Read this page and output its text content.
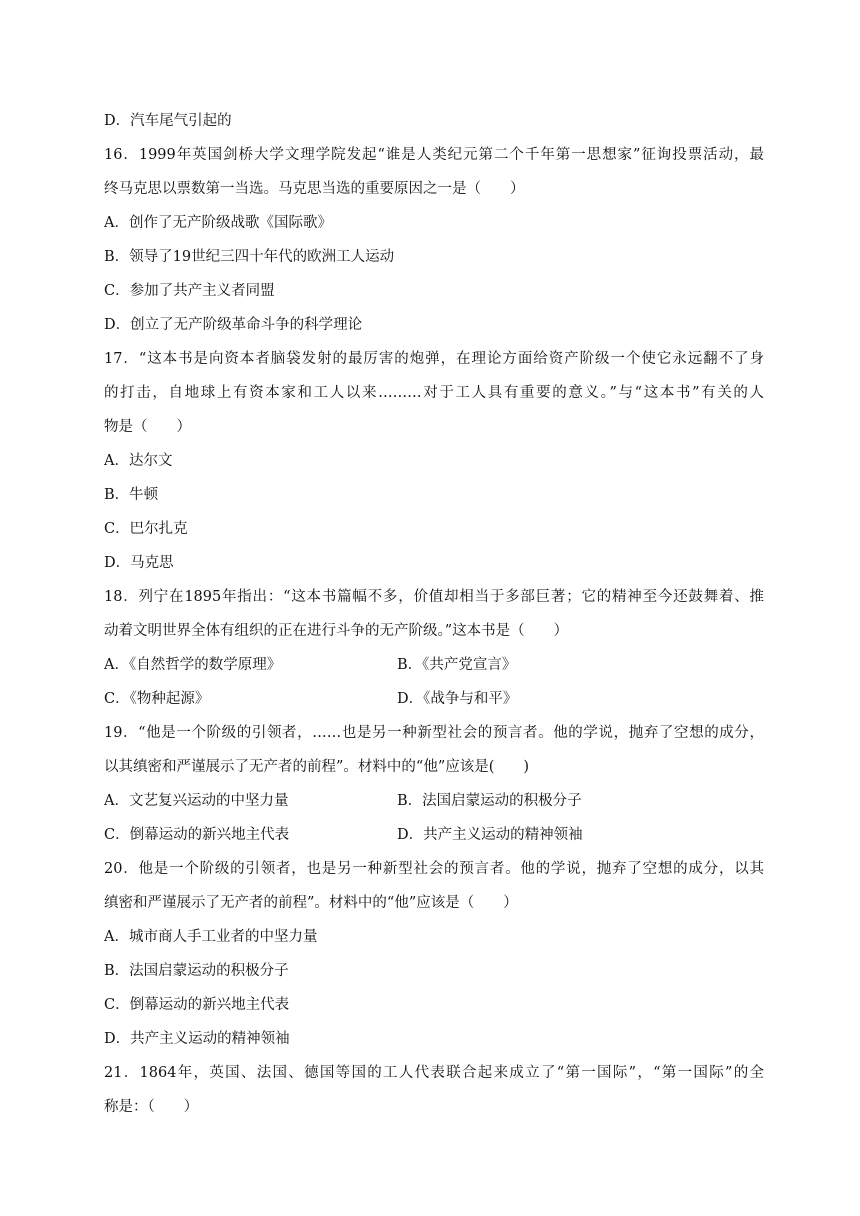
D．汽车尾气引起的
16．1999年英国剑桥大学文理学院发起“谁是人类纪元第二个千年第一思想家”征询投票活动，最
终马克思以票数第一当选。马克思当选的重要原因之一是（　　）
A．创作了无产阶级战歌《国际歌》
B．领导了19世纪三四十年代的欧洲工人运动
C．参加了共产主义者同盟
D．创立了无产阶级革命斗争的科学理论
17．“这本书是向资本者脑袋发射的最厉害的炮弹，在理论方面给资产阶级一个使它永远翻不了身
的打击，自地球上有资本家和工人以来………对于工人具有重要的意义。”与“这本书”有关的人
物是（　　）
A．达尔文
B．牛顿
C．巴尔扎克
D．马克思
18．列宁在1895年指出：“这本书篇幅不多，价值却相当于多部巨著；它的精神至今还鼓舞着、推
动着文明世界全体有组织的正在进行斗争的无产阶级。”这本书是（　　）
A．《自然哲学的数学原理》	B．《共产党宣言》
C．《物种起源》	D．《战争与和平》
19．“他是一个阶级的引领者，……也是另一种新型社会的预言者。他的学说，抛弃了空想的成分，
以其缜密和严谨展示了无产者的前程”。材料中的“他”应该是(　　)
A．文艺复兴运动的中坚力量	B．法国启蒙运动的积极分子
C．倒幕运动的新兴地主代表	D．共产主义运动的精神领袖
20．他是一个阶级的引领者，也是另一种新型社会的预言者。他的学说，抛弃了空想的成分，以其
缜密和严谨展示了无产者的前程”。材料中的“他”应该是（　　）
A．城市商人手工业者的中坚力量
B．法国启蒙运动的积极分子
C．倒幕运动的新兴地主代表
D．共产主义运动的精神领袖
21．1864年，英国、法国、德国等国的工人代表联合起来成立了“第一国际”，“第一国际”的全
称是：（　　）
